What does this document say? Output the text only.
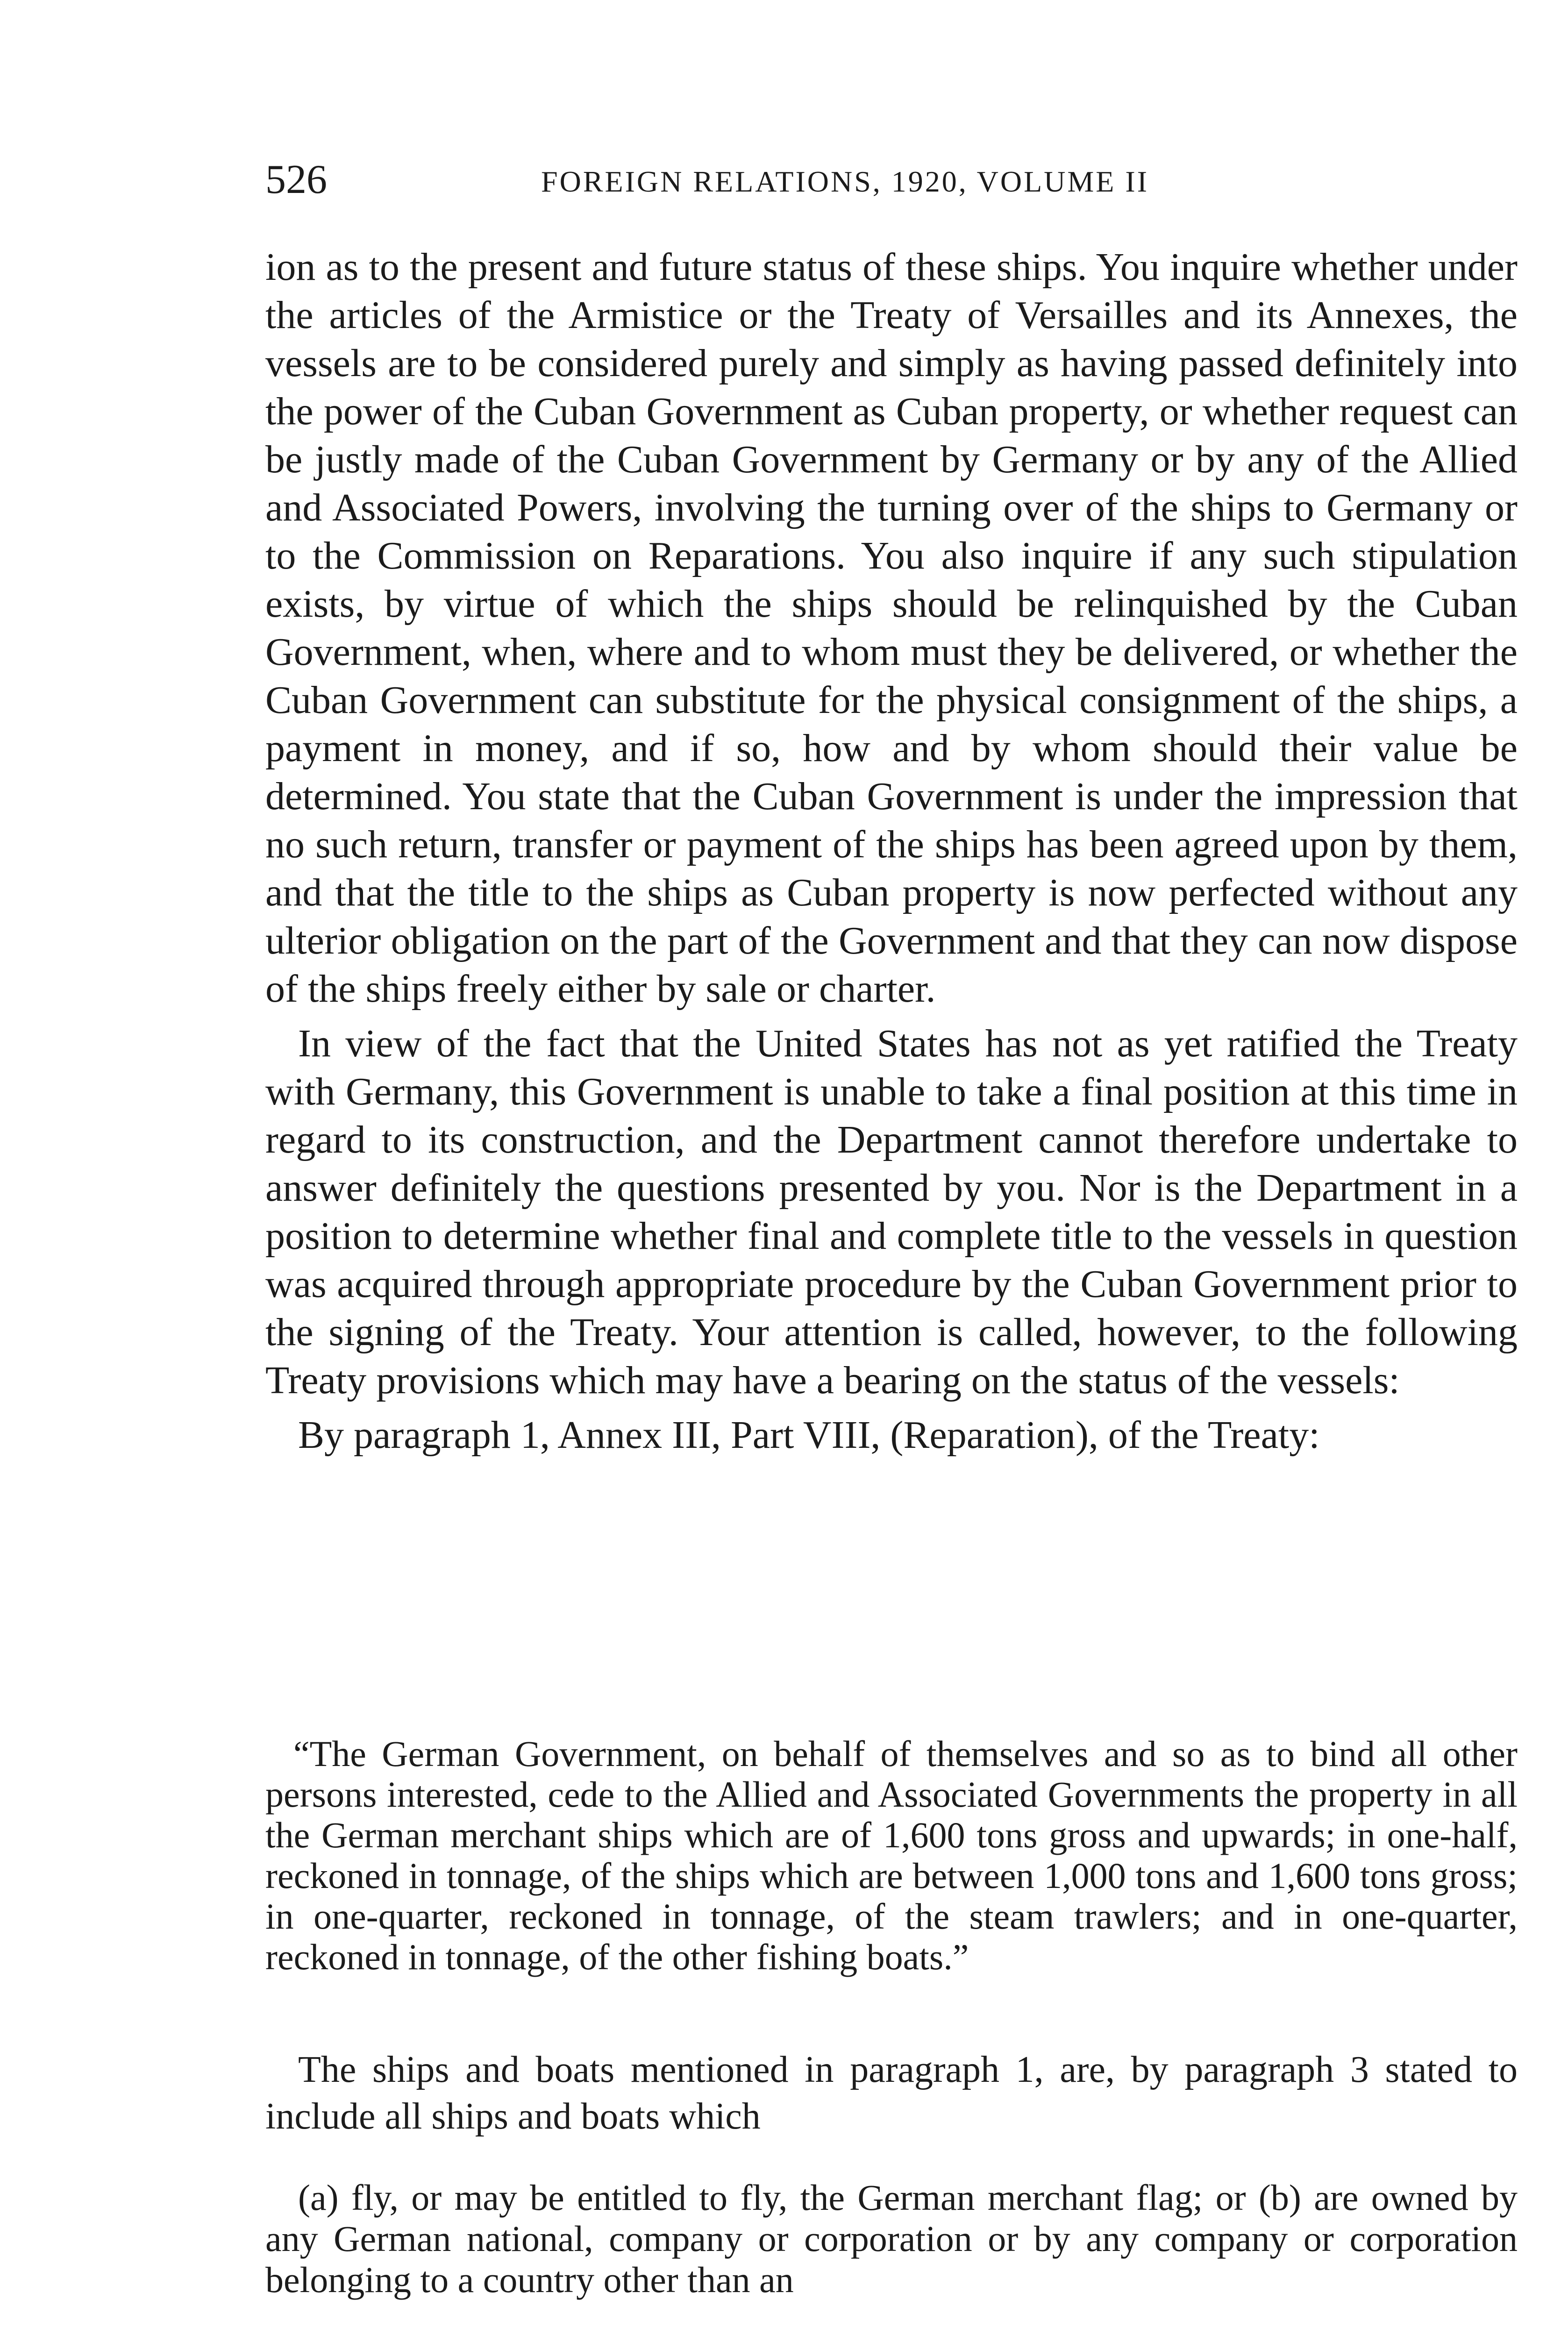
526	FOREIGN RELATIONS, 1920, VOLUME II

ion as to the present and future status of these ships. You inquire whether under the articles of the Armistice or the Treaty of Versailles and its Annexes, the vessels are to be considered purely and simply as having passed definitely into the power of the Cuban Government as Cuban property, or whether request can be justly made of the Cuban Government by Germany or by any of the Allied and Associated Powers, involving the turning over of the ships to Germany or to the Commission on Reparations. You also inquire if any such stipulation exists, by virtue of which the ships should be relinquished by the Cuban Government, when, where and to whom must they be delivered, or whether the Cuban Government can substitute for the physical consignment of the ships, a payment in money, and if so, how and by whom should their value be determined. You state that the Cuban Government is under the impression that no such return, transfer or payment of the ships has been agreed upon by them, and that the title to the ships as Cuban property is now perfected without any ulterior obligation on the part of the Government and that they can now dispose of the ships freely either by sale or charter.

In view of the fact that the United States has not as yet ratified the Treaty with Germany, this Government is unable to take a final position at this time in regard to its construction, and the Department cannot therefore undertake to answer definitely the questions presented by you. Nor is the Department in a position to determine whether final and complete title to the vessels in question was acquired through appropriate procedure by the Cuban Government prior to the signing of the Treaty. Your attention is called, however, to the following Treaty provisions which may have a bearing on the status of the vessels:

By paragraph 1, Annex III, Part VIII, (Reparation), of the Treaty:

“The German Government, on behalf of themselves and so as to bind all other persons interested, cede to the Allied and Associated Governments the property in all the German merchant ships which are of 1,600 tons gross and upwards; in one-half, reckoned in tonnage, of the ships which are between 1,000 tons and 1,600 tons gross; in one-quarter, reckoned in tonnage, of the steam trawlers; and in one-quarter, reckoned in tonnage, of the other fishing boats.”

The ships and boats mentioned in paragraph 1, are, by paragraph 3 stated to include all ships and boats which

(a) fly, or may be entitled to fly, the German merchant flag; or (b) are owned by any German national, company or corporation or by any company or corporation belonging to a country other than an
